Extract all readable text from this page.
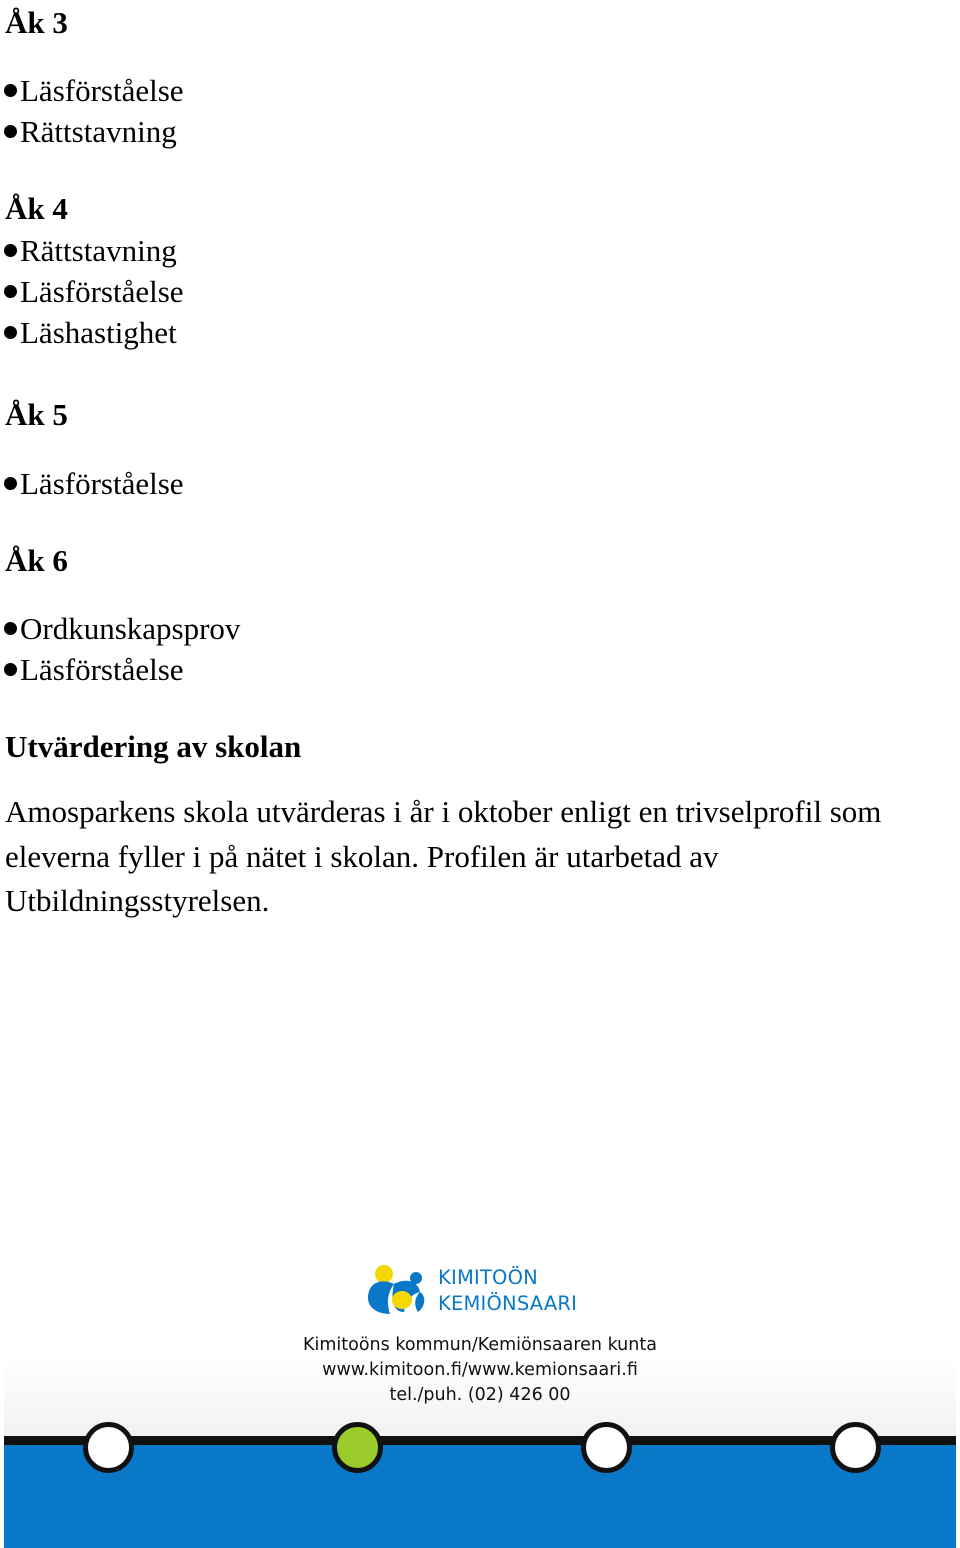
Åk 3
Läsförståelse
Rättstavning
Åk 4
Rättstavning
Läsförståelse
Läshastighet
Åk 5
Läsförståelse
Åk 6
Ordkunskapsprov
Läsförståelse
Utvärdering av skolan

Amosparkens skola utvärderas i år i oktober enligt en trivselprofil som
eleverna fyller i på nätet i skolan. Profilen är utarbetad av
Utbildningsstyrelsen.

KIMITOÖN
KEMIÖNSAARI
Kimitoöns kommun/Kemiönsaaren kunta
www.kimitoon.fi/www.kemionsaari.fi
tel./puh. (02) 426 00
